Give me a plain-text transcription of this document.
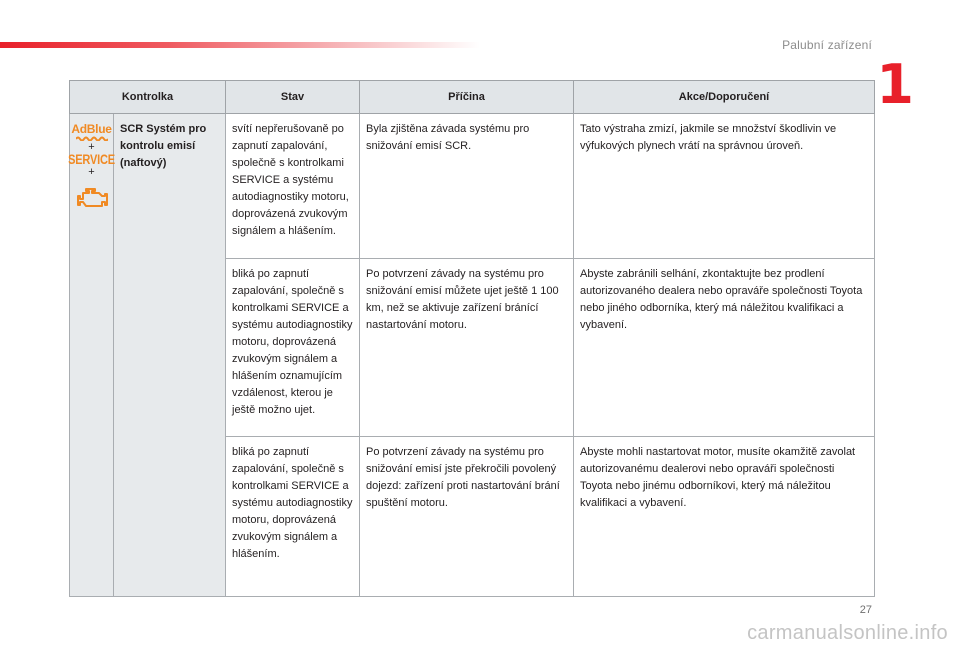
Palubní zařízení
1
Kontrolka		Stav	Příčina	Akce/Doporučení

AdBlue
+
SERVICE
+	SCR Systém pro kontrolu emisí (naftový)	svítí nepřerušovaně po zapnutí zapalování, společně s kontrolkami SERVICE a systému autodiagnostiky motoru, doprovázená zvukovým signálem a hlášením.	Byla zjištěna závada systému pro snižování emisí SCR.	Tato výstraha zmizí, jakmile se množství škodlivin ve výfukových plynech vrátí na správnou úroveň.
		bliká po zapnutí zapalování, společně s kontrolkami SERVICE a systému autodiagnostiky motoru, doprovázená zvukovým signálem a hlášením oznamujícím vzdálenost, kterou je ještě možno ujet.	Po potvrzení závady na systému pro snižování emisí můžete ujet ještě 1 100 km, než se aktivuje zařízení bránící nastartování motoru.	Abyste zabránili selhání, zkontaktujte bez prodlení autorizovaného dealera nebo opraváře společnosti Toyota nebo jiného odborníka, který má náležitou kvalifikaci a vybavení.
		bliká po zapnutí zapalování, společně s kontrolkami SERVICE a systému autodiagnostiky motoru, doprovázená zvukovým signálem a hlášením.	Po potvrzení závady na systému pro snižování emisí jste překročili povolený dojezd: zařízení proti nastartování brání spuštění motoru.	Abyste mohli nastartovat motor, musíte okamžitě zavolat autorizovanému dealerovi nebo opraváři společnosti Toyota nebo jinému odborníkovi, který má náležitou kvalifikaci a vybavení.
27
carmanualsonline.info
